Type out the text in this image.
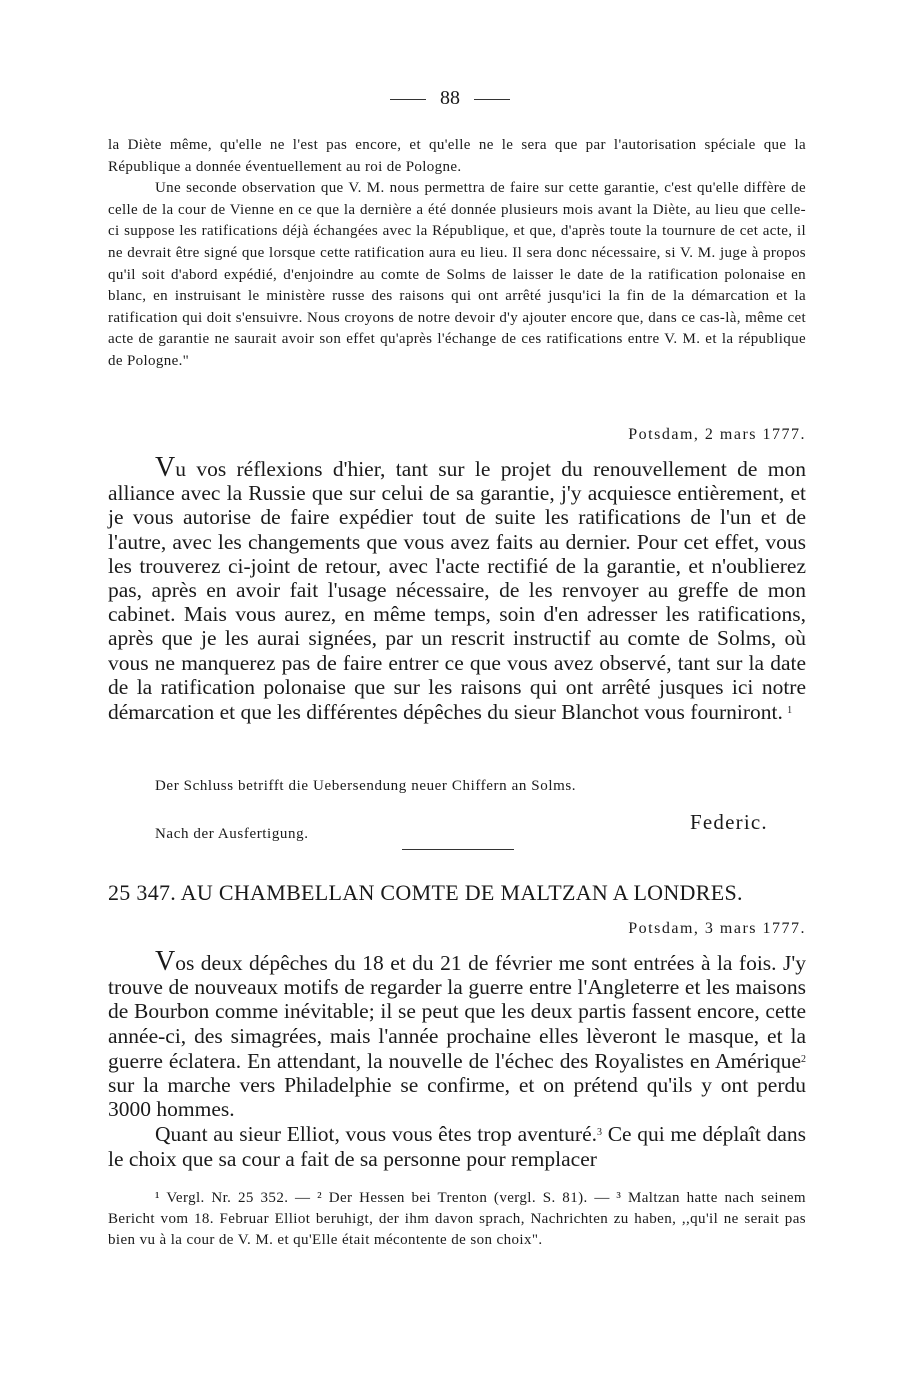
88

la Diète même, qu'elle ne l'est pas encore, et qu'elle ne le sera que par l'autorisation spéciale que la République a donnée éventuellement au roi de Pologne.

Une seconde observation que V. M. nous permettra de faire sur cette garantie, c'est qu'elle diffère de celle de la cour de Vienne en ce que la dernière a été donnée plusieurs mois avant la Diète, au lieu que celle-ci suppose les ratifications déjà échangées avec la République, et que, d'après toute la tournure de cet acte, il ne devrait être signé que lorsque cette ratification aura eu lieu. Il sera donc nécessaire, si V. M. juge à propos qu'il soit d'abord expédié, d'enjoindre au comte de Solms de laisser le date de la ratification polonaise en blanc, en instruisant le ministère russe des raisons qui ont arrêté jusqu'ici la fin de la démarcation et la ratification qui doit s'ensuivre. Nous croyons de notre devoir d'y ajouter encore que, dans ce cas-là, même cet acte de garantie ne saurait avoir son effet qu'après l'échange de ces ratifications entre V. M. et la république de Pologne."

Potsdam, 2 mars 1777.

Vu vos réflexions d'hier, tant sur le projet du renouvellement de mon alliance avec la Russie que sur celui de sa garantie, j'y acquiesce entièrement, et je vous autorise de faire expédier tout de suite les ratifications de l'un et de l'autre, avec les changements que vous avez faits au dernier. Pour cet effet, vous les trouverez ci-joint de retour, avec l'acte rectifié de la garantie, et n'oublierez pas, après en avoir fait l'usage nécessaire, de les renvoyer au greffe de mon cabinet. Mais vous aurez, en même temps, soin d'en adresser les ratifications, après que je les aurai signées, par un rescrit instructif au comte de Solms, où vous ne manquerez pas de faire entrer ce que vous avez observé, tant sur la date de la ratification polonaise que sur les raisons qui ont arrêté jusques ici notre démarcation et que les différentes dépêches du sieur Blanchot vous fourniront.  $^1$

Der Schluss betrifft die Uebersendung neuer Chiffern an Solms.
Federic.
Nach der Ausfertigung.
25 347. AU CHAMBELLAN COMTE DE MALTZAN A LONDRES.
Potsdam, 3 mars 1777.

Vos deux dépêches du 18 et du 21 de février me sont entrées à la fois. J'y trouve de nouveaux motifs de regarder la guerre entre l'Angleterre et les maisons de Bourbon comme inévitable; il se peut que les deux partis fassent encore, cette année-ci, des simagrées, mais l'année prochaine elles lèveront le masque, et la guerre éclatera. En attendant, la nouvelle de l'échec des Royalistes en Amérique$^2$ sur la marche vers Philadelphie se confirme, et on prétend qu'ils y ont perdu 3000 hommes.

Quant au sieur Elliot, vous vous êtes trop aventuré.$^3$ Ce qui me déplaît dans le choix que sa cour a fait de sa personne pour remplacer

¹ Vergl. Nr. 25 352. — ² Der Hessen bei Trenton (vergl. S. 81). — ³ Maltzan hatte nach seinem Bericht vom 18. Februar Elliot beruhigt, der ihm davon sprach, Nachrichten zu haben, ,,qu'il ne serait pas bien vu à la cour de V. M. et qu'Elle était mécontente de son choix".
